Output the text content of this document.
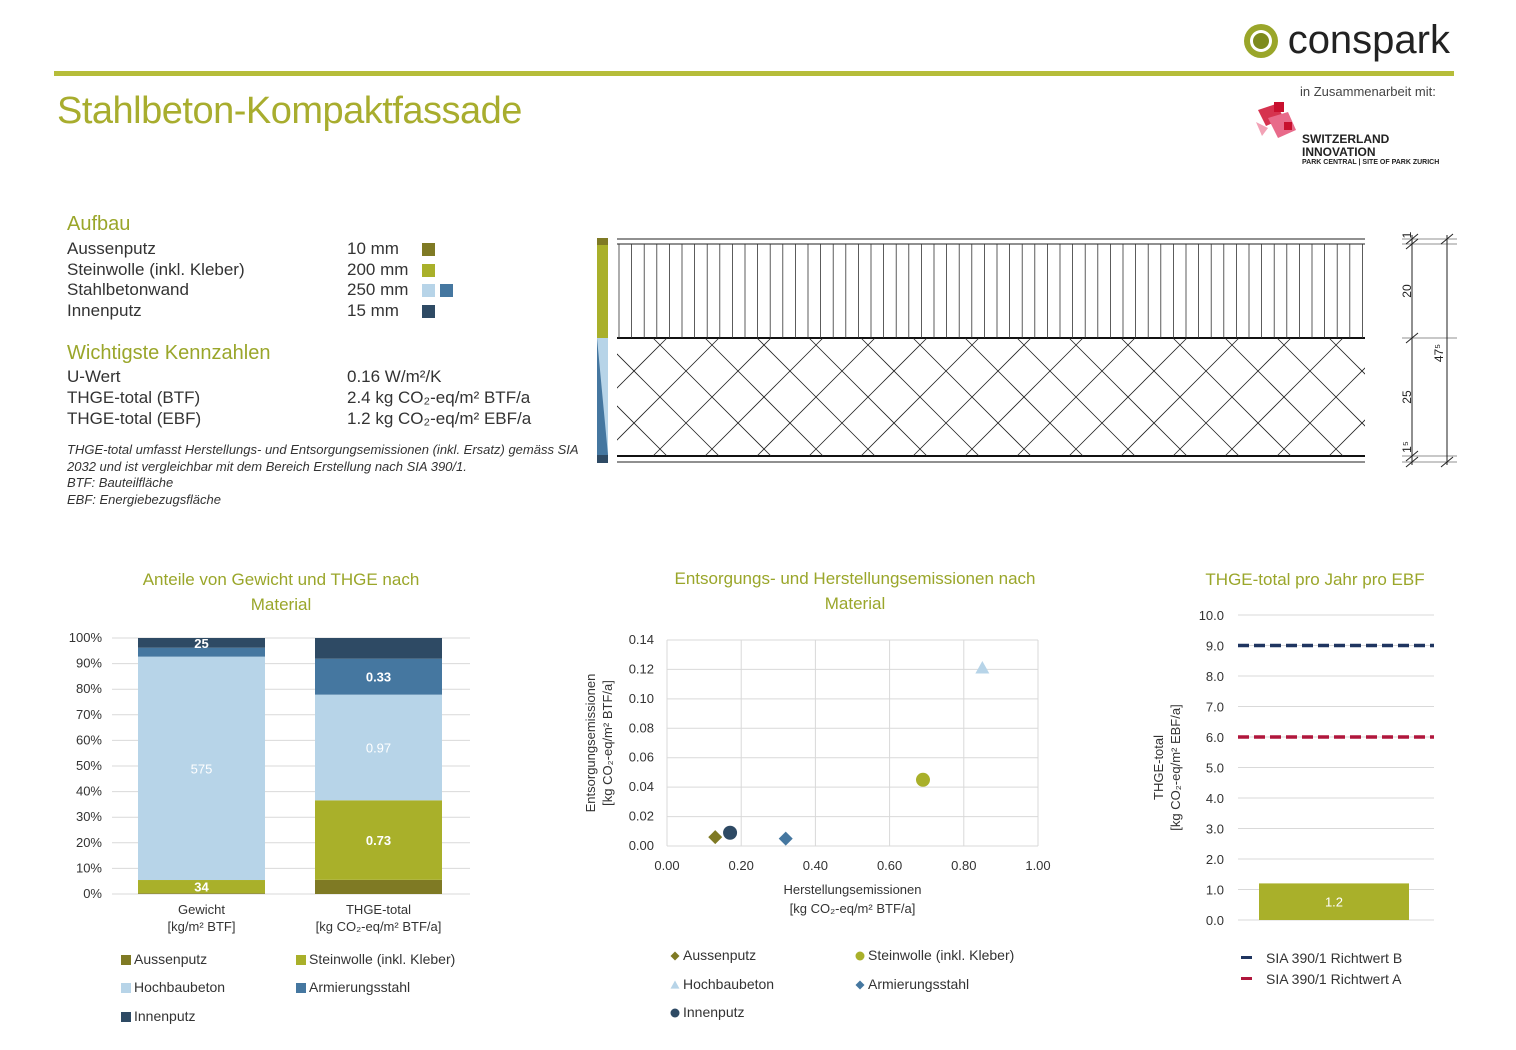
conspark
Stahlbeton-Kompaktfassade	in Zusammenarbeit mit:
SWITZERLAND
INNOVATION
PARK CENTRAL | SITE OF PARK ZURICH
Aufbau
Aussenputz	10 mm
Steinwolle (inkl. Kleber)	200 mm
Stahlbetonwand	250 mm
Innenputz	15 mm
Wichtigste Kennzahlen
U-Wert	0.16 W/m²/K
THGE-total (BTF)	2.4 kg CO₂-eq/m² BTF/a
THGE-total (EBF)	1.2 kg CO₂-eq/m² EBF/a
THGE-total umfasst Herstellungs- und Entsorgungsemissionen (inkl. Ersatz) gemäss SIA 2032 und ist vergleichbar mit dem Bereich Erstellung nach SIA 390/1.
BTF: Bauteilfläche
EBF: Energiebezugsfläche
1
20
25
1⁵
47⁵
Anteile von Gewicht und THGE nach Material
0%
10%
20%
30%
40%
50%
60%
70%
80%
90%
100%
34
575
25
Gewicht
[kg/m² BTF]
0.73
0.97
0.33
THGE-total
[kg CO₂-eq/m² BTF/a]
Aussenputz	Steinwolle (inkl. Kleber)
Hochbaubeton	Armierungsstahl
Innenputz
Entsorgungs- und Herstellungsemissionen nach Material
0.00
0.02
0.04
0.06
0.08
0.10
0.12
0.14
0.00	0.20	0.40	0.60	0.80	1.00
Herstellungsemissionen
[kg CO₂-eq/m² BTF/a]
Entsorgungsemissionen [kg CO₂-eq/m² BTF/a]
Aussenputz	Steinwolle (inkl. Kleber)
Hochbaubeton	Armierungsstahl
Innenputz
THGE-total pro Jahr pro EBF
0.0
1.0
2.0
3.0
4.0
5.0
6.0
7.0
8.0
9.0
10.0
THGE-total [kg CO₂-eq/m² EBF/a]
1.2
SIA 390/1 Richtwert B
SIA 390/1 Richtwert A
